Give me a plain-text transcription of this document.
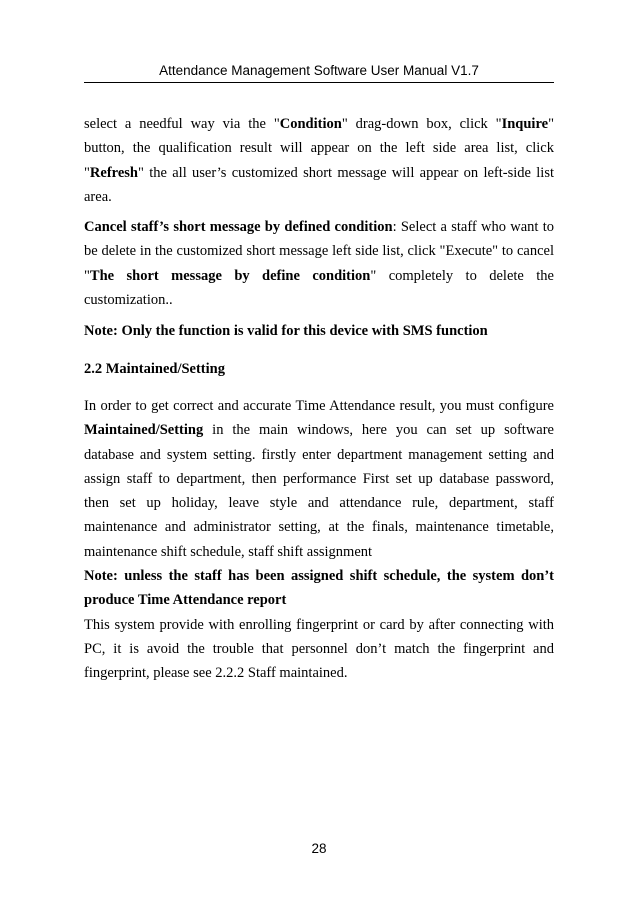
Attendance Management Software User Manual V1.7

select a needful way via the "Condition" drag-down box, click "Inquire" button, the qualification result will appear on the left side area list, click "Refresh" the all user’s customized short message will appear on left-side list area.

Cancel staff’s short message by defined condition: Select a staff who want to be delete in the customized short message left side list, click "Execute" to cancel "The short message by define condition" completely to delete the customization..

Note: Only the function is valid for this device with SMS function

2.2 Maintained/Setting

In order to get correct and accurate Time Attendance result, you must configure Maintained/Setting in the main windows, here you can set up software database and system setting. firstly enter department management setting and assign staff to department, then performance First set up database password, then set up holiday, leave style and attendance rule, department, staff maintenance and administrator setting, at the finals, maintenance timetable, maintenance shift schedule, staff shift assignment

Note: unless the staff has been assigned shift schedule, the system don’t produce Time Attendance report

This system provide with enrolling fingerprint or card by after connecting with PC, it is avoid the trouble that personnel don’t match the fingerprint and fingerprint, please see 2.2.2 Staff maintained.

28
